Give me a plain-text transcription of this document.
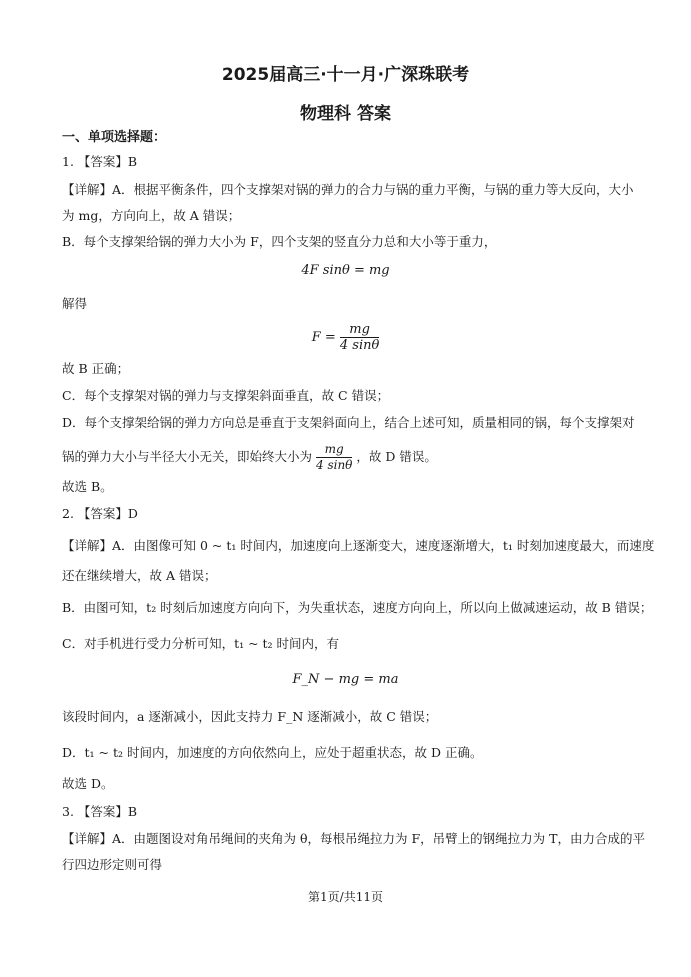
2025届高三·十一月·广深珠联考
物理科 答案
一、单项选择题：
1. 【答案】B
【详解】A．根据平衡条件，四个支撑架对锅的弹力的合力与锅的重力平衡，与锅的重力等大反向，大小
为 mg，方向向上，故 A 错误；
B．每个支撑架给锅的弹力大小为 F，四个支架的竖直分力总和大小等于重力，
4F sinθ = mg
解得
$F = \frac{mg}{4 \sin\theta}$
故 B 正确；
C．每个支撑架对锅的弹力与支撑架斜面垂直，故 C 错误；
D．每个支撑架给锅的弹力方向总是垂直于支架斜面向上，结合上述可知，质量相同的锅，每个支撑架对
锅的弹力大小与半径大小无关，即始终大小为 $\frac{mg}{4 \sin\theta}$ ，故 D 错误。
故选 B。
2. 【答案】D
【详解】A．由图像可知 0 ~ t₁ 时间内，加速度向上逐渐变大，速度逐渐增大，t₁ 时刻加速度最大，而速度
还在继续增大，故 A 错误；
B．由图可知，t₂ 时刻后加速度方向向下，为失重状态，速度方向向上，所以向上做减速运动，故 B 错误；
C．对手机进行受力分析可知，t₁ ~ t₂ 时间内，有
F_N − mg = ma
该段时间内，a 逐渐减小，因此支持力 F_N 逐渐减小，故 C 错误；
D．t₁ ~ t₂ 时间内，加速度的方向依然向上，应处于超重状态，故 D 正确。
故选 D。
3. 【答案】B
【详解】A．由题图设对角吊绳间的夹角为 θ，每根吊绳拉力为 F，吊臂上的钢绳拉力为 T，由力合成的平
行四边形定则可得
第1页/共11页
